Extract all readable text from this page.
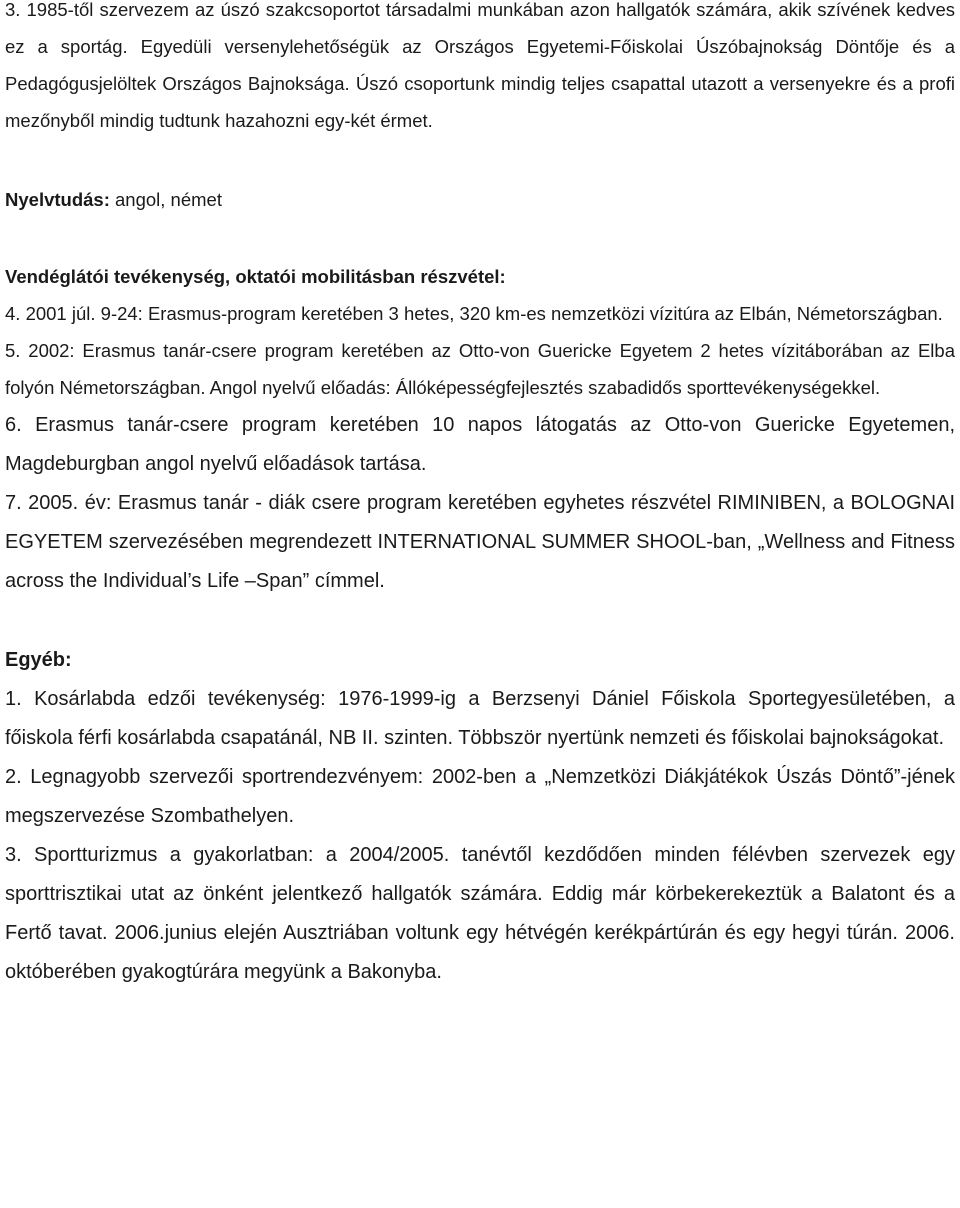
3. 1985-től szervezem az úszó szakcsoportot társadalmi munkában azon hallgatók számára, akik szívének kedves ez a sportág. Egyedüli versenylehetőségük az Országos Egyetemi-Főiskolai Úszóbajnokság Döntője és a Pedagógusjelöltek Országos Bajnoksága. Úszó csoportunk mindig teljes csapattal utazott a versenyekre és a profi mezőnyből mindig tudtunk hazahozni egy-két érmet.

Nyelvtudás: angol, német

Vendéglátói tevékenység, oktatói mobilitásban részvétel:

4. 2001 júl. 9-24: Erasmus-program keretében 3 hetes, 320 km-es nemzetközi vízitúra az Elbán, Németországban.

5. 2002: Erasmus tanár-csere program keretében az Otto-von Guericke Egyetem 2 hetes vízitáborában az Elba folyón Németországban. Angol nyelvű előadás: Állóképességfejlesztés szabadidős sporttevékenységekkel.

6. Erasmus tanár-csere program keretében 10 napos látogatás az Otto-von Guericke Egyetemen, Magdeburgban angol nyelvű előadások tartása.

7. 2005. év: Erasmus tanár - diák csere program keretében egyhetes részvétel RIMINIBEN, a BOLOGNAI EGYETEM szervezésében megrendezett INTERNATIONAL SUMMER SHOOL-ban, „Wellness and Fitness across the Individual’s Life –Span” címmel.

Egyéb:

1. Kosárlabda edzői tevékenység: 1976-1999-ig a Berzsenyi Dániel Főiskola Sportegyesületében, a főiskola férfi kosárlabda csapatánál, NB II. szinten. Többször nyertünk nemzeti és főiskolai bajnokságokat.

2. Legnagyobb szervezői sportrendezvényem: 2002-ben a „Nemzetközi Diákjátékok Úszás Döntő”-jének megszervezése Szombathelyen.

3. Sportturizmus a gyakorlatban: a 2004/2005. tanévtől kezdődően minden félévben szervezek egy sporttrisztikai utat az önként jelentkező hallgatók számára. Eddig már körbekerekeztük a Balatont és a Fertő tavat. 2006.junius elején Ausztriában voltunk egy hétvégén kerékpártúrán és egy hegyi túrán. 2006. októberében gyakogtúrára megyünk a Bakonyba.
